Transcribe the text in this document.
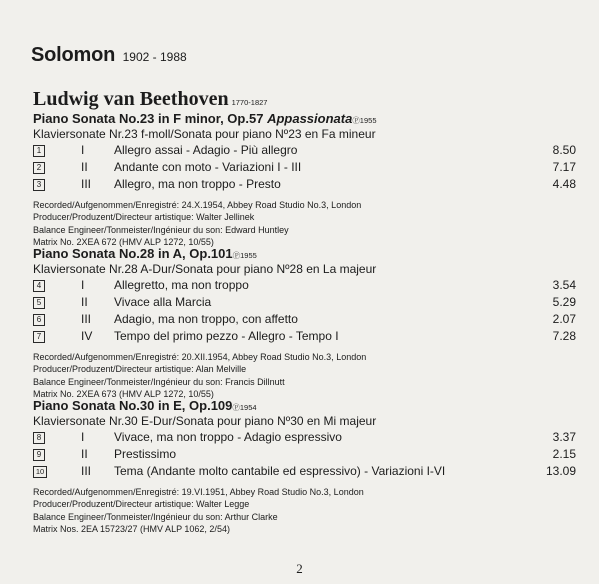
Solomon 1902 - 1988
Ludwig van Beethoven 1770-1827
Piano Sonata No.23 in F minor, Op.57 AppassionataⓅ1955
Klaviersonate Nr.23 f-moll/Sonata pour piano Nº23 en Fa mineur
1	I Allegro assai - Adagio - Più allegro	8.50
2	II Andante con moto - Variazioni I - III	7.17
3	III Allegro, ma non troppo - Presto	4.48
Recorded/Aufgenommen/Enregistré: 24.X.1954, Abbey Road Studio No.3, London
Producer/Produzent/Directeur artistique: Walter Jellinek
Balance Engineer/Tonmeister/Ingénieur du son: Edward Huntley
Matrix No. 2XEA 672 (HMV ALP 1272, 10/55)
Piano Sonata No.28 in A, Op.101Ⓟ1955
Klaviersonate Nr.28 A-Dur/Sonata pour piano Nº28 en La majeur
4	I Allegretto, ma non troppo	3.54
5	II Vivace alla Marcia	5.29
6	III Adagio, ma non troppo, con affetto	2.07
7	IV Tempo del primo pezzo - Allegro - Tempo I	7.28
Recorded/Aufgenommen/Enregistré: 20.XII.1954, Abbey Road Studio No.3, London
Producer/Produzent/Directeur artistique: Alan Melville
Balance Engineer/Tonmeister/Ingénieur du son: Francis Dillnutt
Matrix No. 2XEA 673 (HMV ALP 1272, 10/55)
Piano Sonata No.30 in E, Op.109Ⓟ1954
Klaviersonate Nr.30 E-Dur/Sonata pour piano Nº30 en Mi majeur
8	I Vivace, ma non troppo - Adagio espressivo	3.37
9	II Prestissimo	2.15
10	III Tema (Andante molto cantabile ed espressivo) - Variazioni I-VI	13.09
Recorded/Aufgenommen/Enregistré: 19.VI.1951, Abbey Road Studio No.3, London
Producer/Produzent/Directeur artistique: Walter Legge
Balance Engineer/Tonmeister/Ingénieur du son: Arthur Clarke
Matrix Nos. 2EA 15723/27 (HMV ALP 1062, 2/54)
2
